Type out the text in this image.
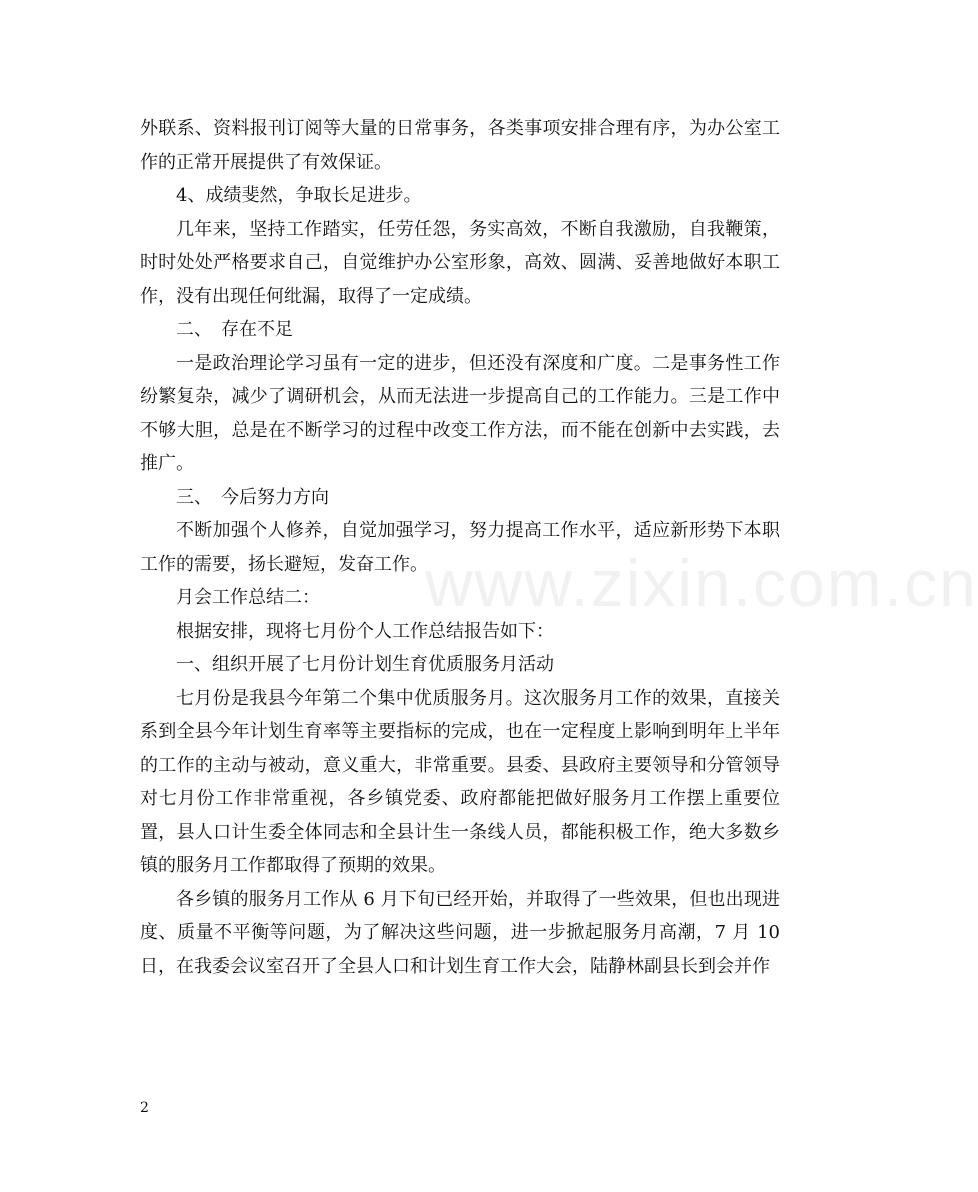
外联系、资料报刊订阅等大量的日常事务，各类事项安排合理有序，为办公室工作的正常开展提供了有效保证。

4、成绩斐然，争取长足进步。

几年来，坚持工作踏实，任劳任怨，务实高效，不断自我激励，自我鞭策，时时处处严格要求自己，自觉维护办公室形象，高效、圆满、妥善地做好本职工作，没有出现任何纰漏，取得了一定成绩。

二、　存在不足

一是政治理论学习虽有一定的进步，但还没有深度和广度。二是事务性工作纷繁复杂，减少了调研机会，从而无法进一步提高自己的工作能力。三是工作中不够大胆，总是在不断学习的过程中改变工作方法，而不能在创新中去实践，去推广。

三、　今后努力方向

不断加强个人修养，自觉加强学习，努力提高工作水平，适应新形势下本职工作的需要，扬长避短，发奋工作。

月会工作总结二：

根据安排，现将七月份个人工作总结报告如下：

一、组织开展了七月份计划生育优质服务月活动

七月份是我县今年第二个集中优质服务月。这次服务月工作的效果，直接关系到全县今年计划生育率等主要指标的完成，也在一定程度上影响到明年上半年的工作的主动与被动，意义重大，非常重要。县委、县政府主要领导和分管领导对七月份工作非常重视，各乡镇党委、政府都能把做好服务月工作摆上重要位置，县人口计生委全体同志和全县计生一条线人员，都能积极工作，绝大多数乡镇的服务月工作都取得了预期的效果。

各乡镇的服务月工作从 6 月下旬已经开始，并取得了一些效果，但也出现进度、质量不平衡等问题，为了解决这些问题，进一步掀起服务月高潮，7 月 10 日，在我委会议室召开了全县人口和计划生育工作大会，陆静林副县长到会并作

www.zixin.com.cn
2
